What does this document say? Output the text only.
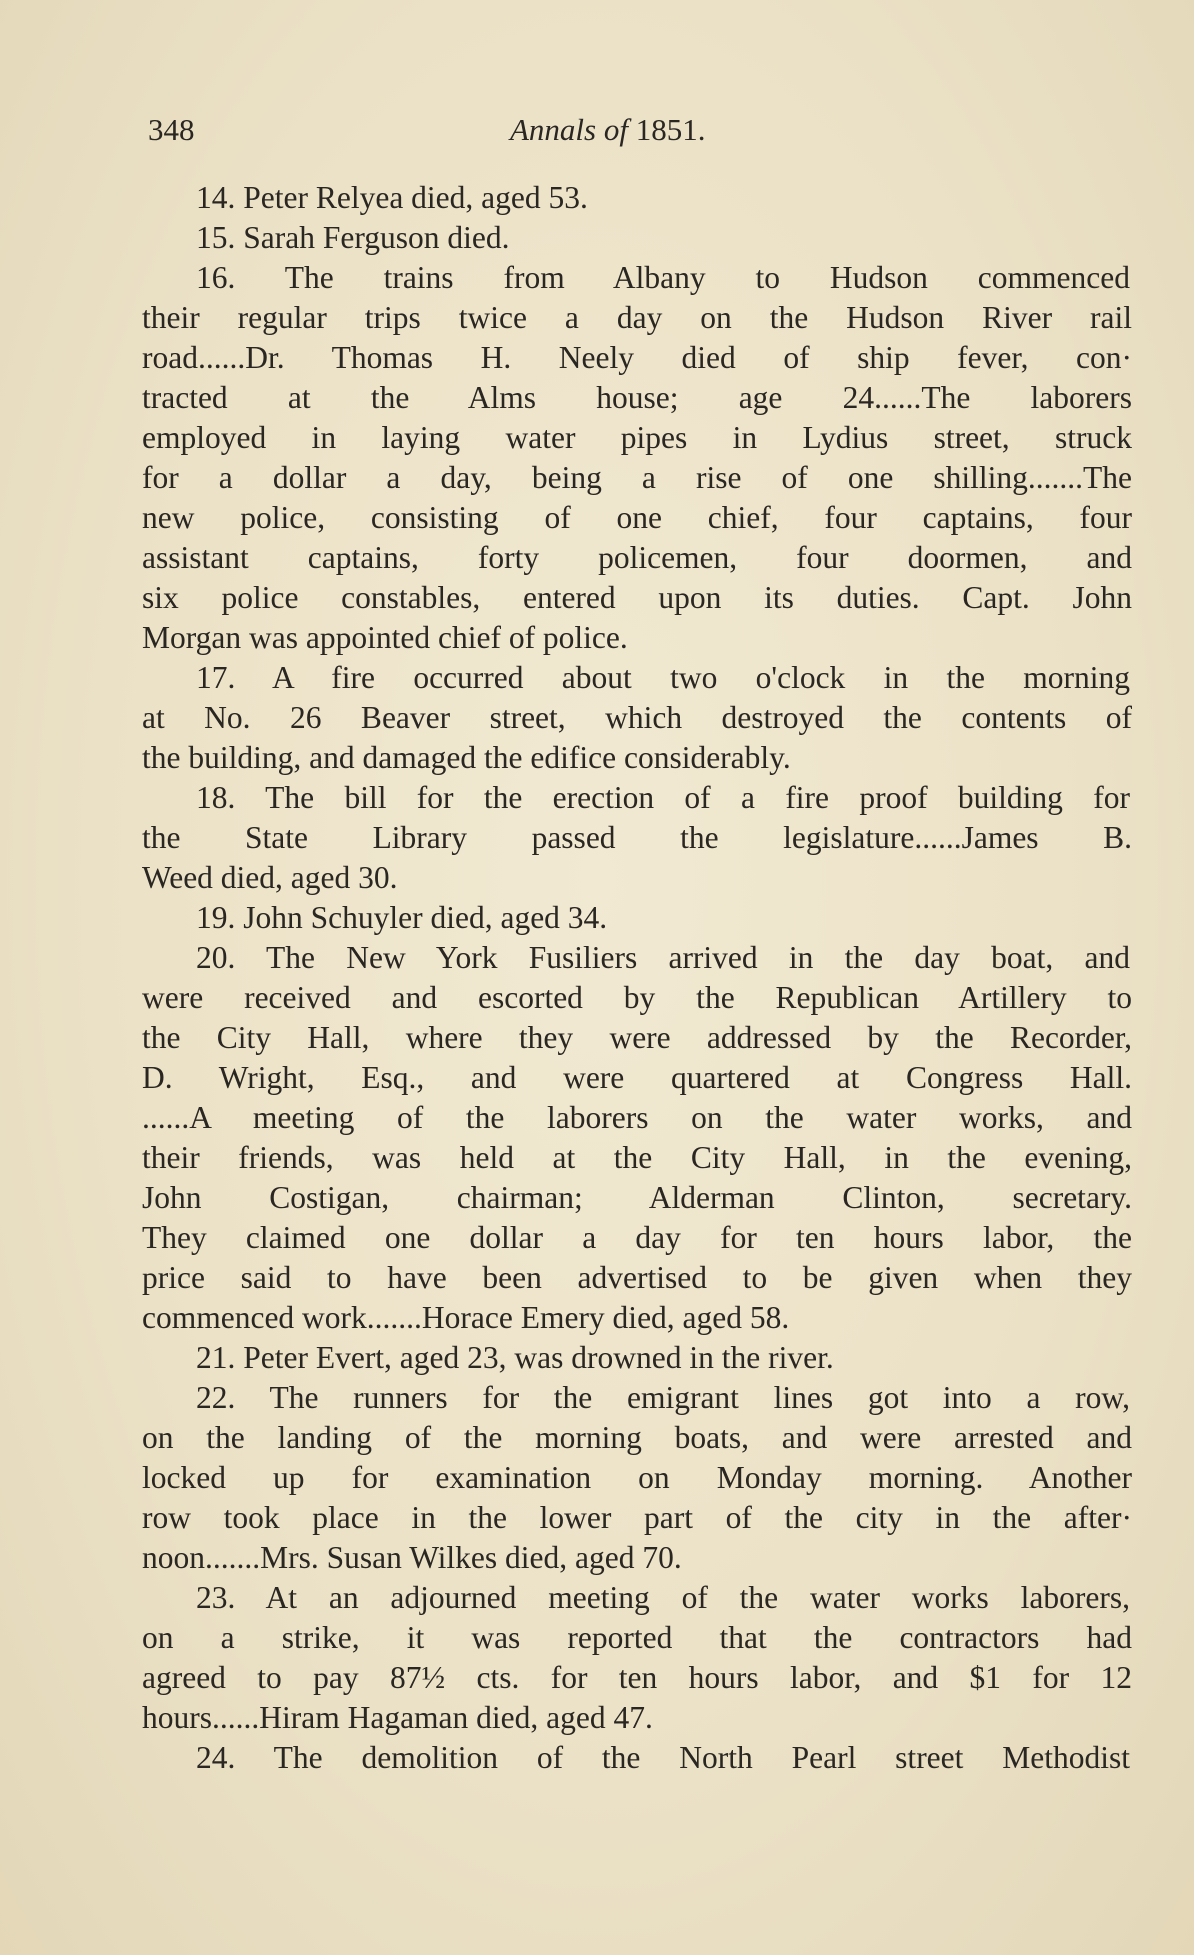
348	Annals of 1851.
14. Peter Relyea died, aged 53.
15. Sarah Ferguson died.
16. The trains from Albany to Hudson commenced
their regular trips twice a day on the Hudson River rail
road......Dr. Thomas H. Neely died of ship fever, con·
tracted at the Alms house; age 24......The laborers
employed in laying water pipes in Lydius street, struck
for a dollar a day, being a rise of one shilling.......The
new police, consisting of one chief, four captains, four
assistant captains, forty policemen, four doormen, and
six police constables, entered upon its duties. Capt. John
Morgan was appointed chief of police.
17. A fire occurred about two o'clock in the morning
at No. 26 Beaver street, which destroyed the contents of
the building, and damaged the edifice considerably.
18. The bill for the erection of a fire proof building for
the State Library passed the legislature......James B.
Weed died, aged 30.
19. John Schuyler died, aged 34.
20. The New York Fusiliers arrived in the day boat, and
were received and escorted by the Republican Artillery to
the City Hall, where they were addressed by the Recorder,
D. Wright, Esq., and were quartered at Congress Hall.
......A meeting of the laborers on the water works, and
their friends, was held at the City Hall, in the evening,
John Costigan, chairman; Alderman Clinton, secretary.
They claimed one dollar a day for ten hours labor, the
price said to have been advertised to be given when they
commenced work.......Horace Emery died, aged 58.
21. Peter Evert, aged 23, was drowned in the river.
22. The runners for the emigrant lines got into a row,
on the landing of the morning boats, and were arrested and
locked up for examination on Monday morning. Another
row took place in the lower part of the city in the after·
noon.......Mrs. Susan Wilkes died, aged 70.
23. At an adjourned meeting of the water works laborers,
on a strike, it was reported that the contractors had
agreed to pay 87½ cts. for ten hours labor, and $1 for 12
hours......Hiram Hagaman died, aged 47.
24. The demolition of the North Pearl street Methodist
